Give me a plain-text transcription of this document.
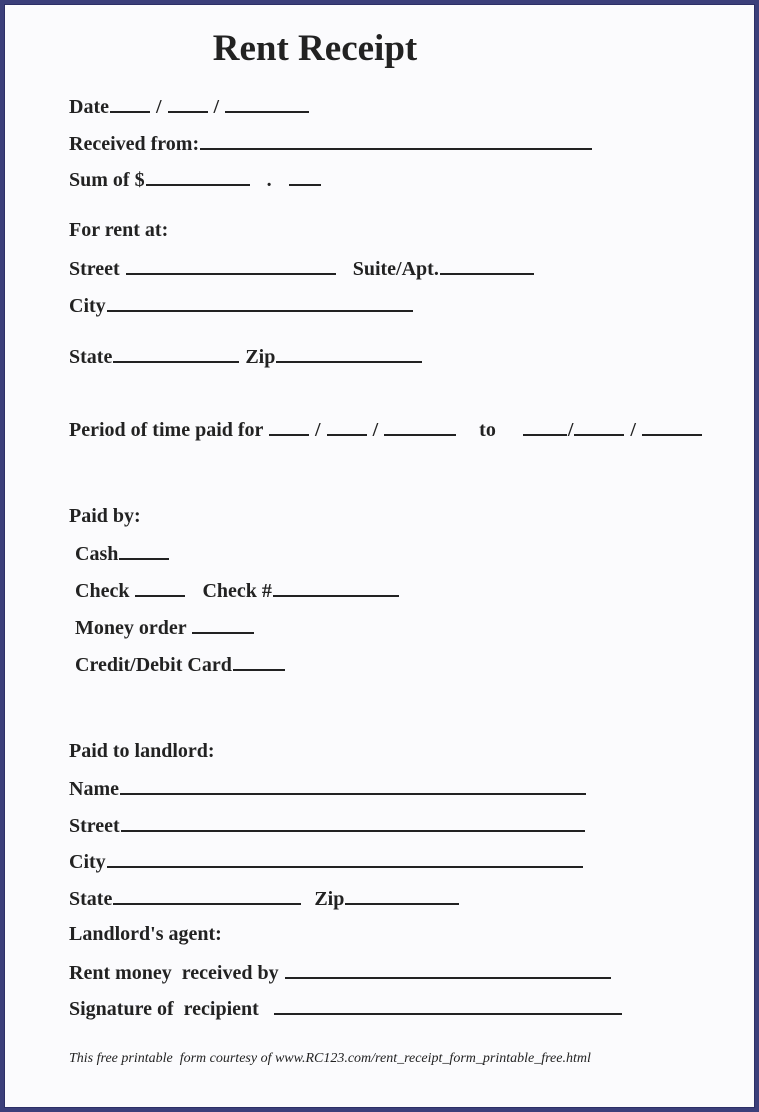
Rent Receipt
Date /	/
Received from:
Sum of $	.
For rent at:
Street	Suite/Apt.
City
State	Zip
Period of time paid for	/	/	to	/	/
Paid by:
Cash
Check	Check #
Money order
Credit/Debit Card
Paid to landlord:
Name
Street
City
State	Zip
Landlord's agent:
Rent money  received by
Signature of  recipient
This free printable  form courtesy of www.RC123.com/rent_receipt_form_printable_free.html
